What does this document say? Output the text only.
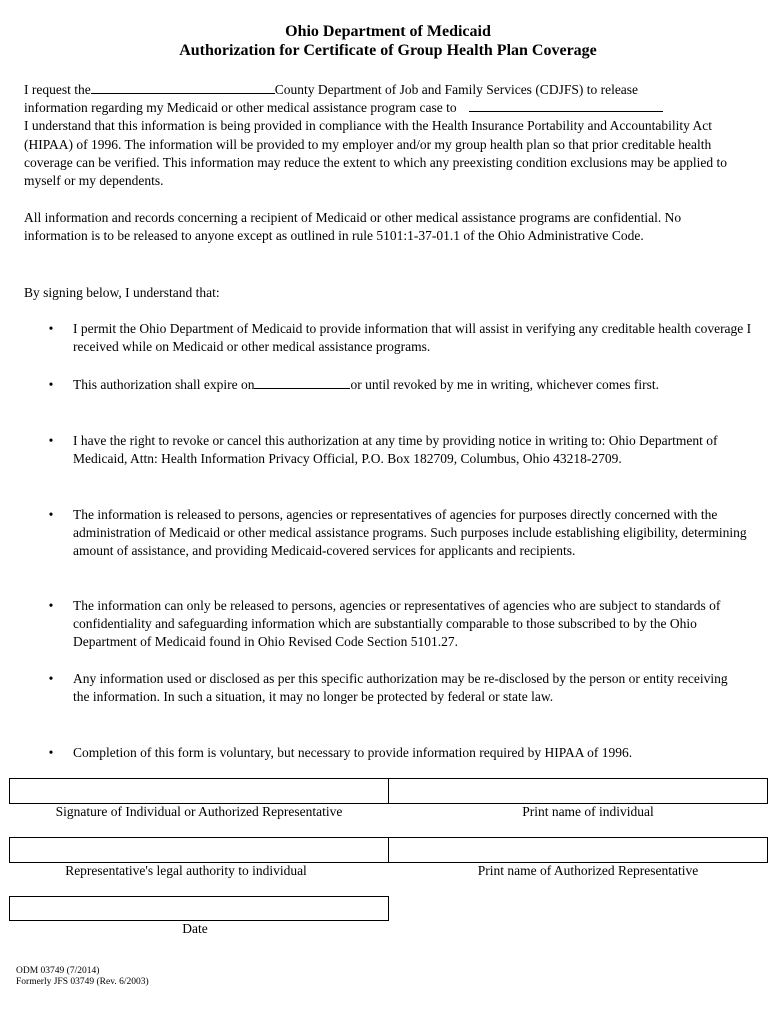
Ohio Department of Medicaid
Authorization for Certificate of Group Health Plan Coverage
I request the	County Department of Job and Family Services (CDJFS) to release
information regarding my Medicaid or other medical assistance program case to
I understand that this information is being provided in compliance with the Health Insurance Portability and Accountability Act (HIPAA) of 1996. The information will be provided to my employer and/or my group health plan so that prior creditable health coverage can be verified. This information may reduce the extent to which any preexisting condition exclusions may be applied to myself or my dependents.
All information and records concerning a recipient of Medicaid or other medical assistance programs are confidential. No information is to be released to anyone except as outlined in rule 5101:1-37-01.1 of the Ohio Administrative Code.
By signing below, I understand that:
• I permit the Ohio Department of Medicaid to provide information that will assist in verifying any creditable health coverage I received while on Medicaid or other medical assistance programs.
• This authorization shall expire on	or until revoked by me in writing, whichever comes first.
• I have the right to revoke or cancel this authorization at any time by providing notice in writing to: Ohio Department of Medicaid, Attn: Health Information Privacy Official, P.O. Box 182709, Columbus, Ohio 43218-2709.
• The information is released to persons, agencies or representatives of agencies for purposes directly concerned with the administration of Medicaid or other medical assistance programs. Such purposes include establishing eligibility, determining amount of assistance, and providing Medicaid-covered services for applicants and recipients.
• The information can only be released to persons, agencies or representatives of agencies who are subject to standards of confidentiality and safeguarding information which are substantially comparable to those subscribed to by the Ohio Department of Medicaid found in Ohio Revised Code Section 5101.27.
• Any information used or disclosed as per this specific authorization may be re-disclosed by the person or entity receiving the information. In such a situation, it may no longer be protected by federal or state law.
• Completion of this form is voluntary, but necessary to provide information required by HIPAA of 1996.
Signature of Individual or Authorized Representative	Print name of individual
Representative's legal authority to individual	Print name of Authorized Representative
Date
ODM 03749 (7/2014)
Formerly JFS 03749 (Rev. 6/2003)
